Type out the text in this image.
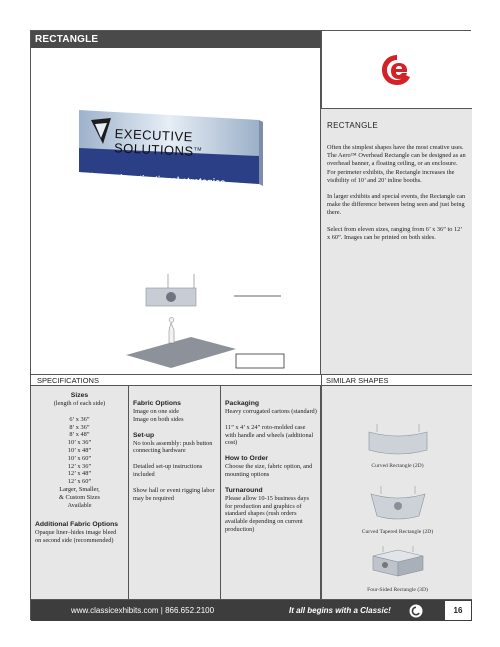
RECTANGLE
EXECUTIVE
SOLUTIONS™
Elevated motivational strategies
RECTANGLE

Often the simplest shapes have the most creative uses. The Aero™ Overhead Rectangle can be designed as an overhead banner, a floating ceiling, or an enclosure. For perimeter exhibits, the Rectangle increases the visibility of 10’ and 20’ inline booths.

In larger exhibits and special events, the Rectangle can make the difference between being seen and just being there.

Select from eleven sizes, ranging from 6’ x 36” to 12’ x 60”. Images can be printed on both sides.

SPECIFICATIONS	SIMILAR SHAPES
Sizes

(length of each side)

6’ x 36”
8’ x 36”
8’ x 48”
10’ x 36”
10’ x 48”
10’ x 60”
12’ x 36”
12’ x 48”
12’ x 60”
Larger, Smaller,
& Custom Sizes
Available
Additional Fabric Options

Opaque liner–hides image bleed on second side (recommended)

Fabric Options

Image on one side

Image on both sides

Set-up

No tools assembly: push button connecting hardware

Detailed set-up instructions included

Show hall or event rigging labor may be required

Packaging

Heavy corrugated cartons (standard)

11” x 4’ x 24” roto-molded case with handle and wheels (additional cost)

How to Order

Choose the size, fabric option, and mounting options

Turnaround

Please allow 10-15 business days for production and graphics of standard shapes (rush orders available depending on current production)

Curved Rectangle (2D)
Curved Tapered Rectangle (2D)
Four-Sided Rectangle (3D)
www.classicexhibits.com | 866.652.2100	It all begins with a Classic!	16
